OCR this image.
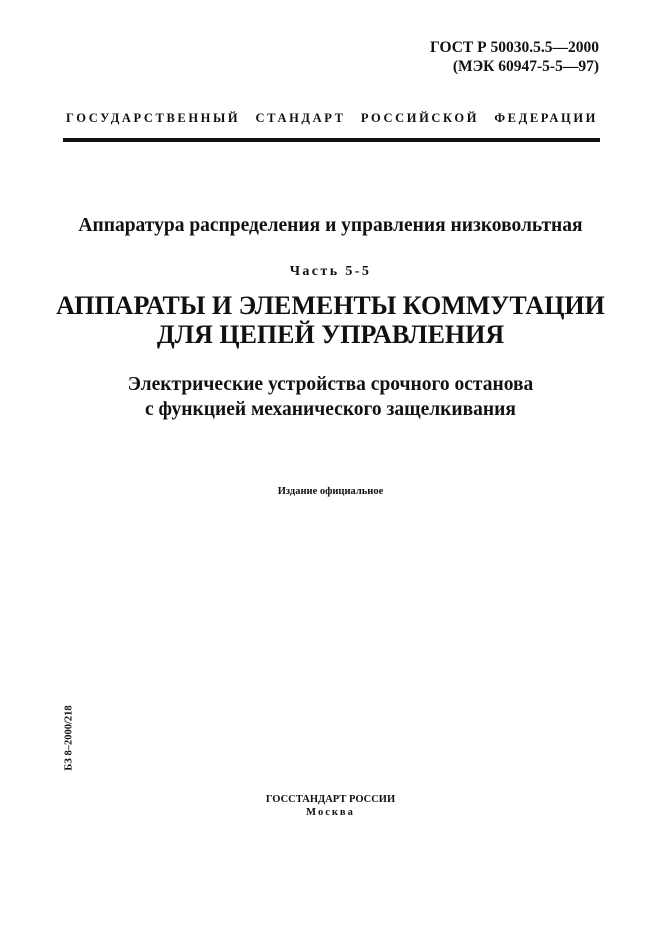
ГОСТ Р 50030.5.5—2000
(МЭК 60947-5-5—97)
ГОСУДАРСТВЕННЫЙ СТАНДАРТ РОССИЙСКОЙ ФЕДЕРАЦИИ
Аппаратура распределения и управления низковольтная
Часть 5-5
АППАРАТЫ И ЭЛЕМЕНТЫ КОММУТАЦИИ
ДЛЯ ЦЕПЕЙ УПРАВЛЕНИЯ
Электрические устройства срочного останова
с функцией механического защелкивания
Издание официальное
БЗ 8–2000/218
ГОССТАНДАРТ РОССИИ
Москва
